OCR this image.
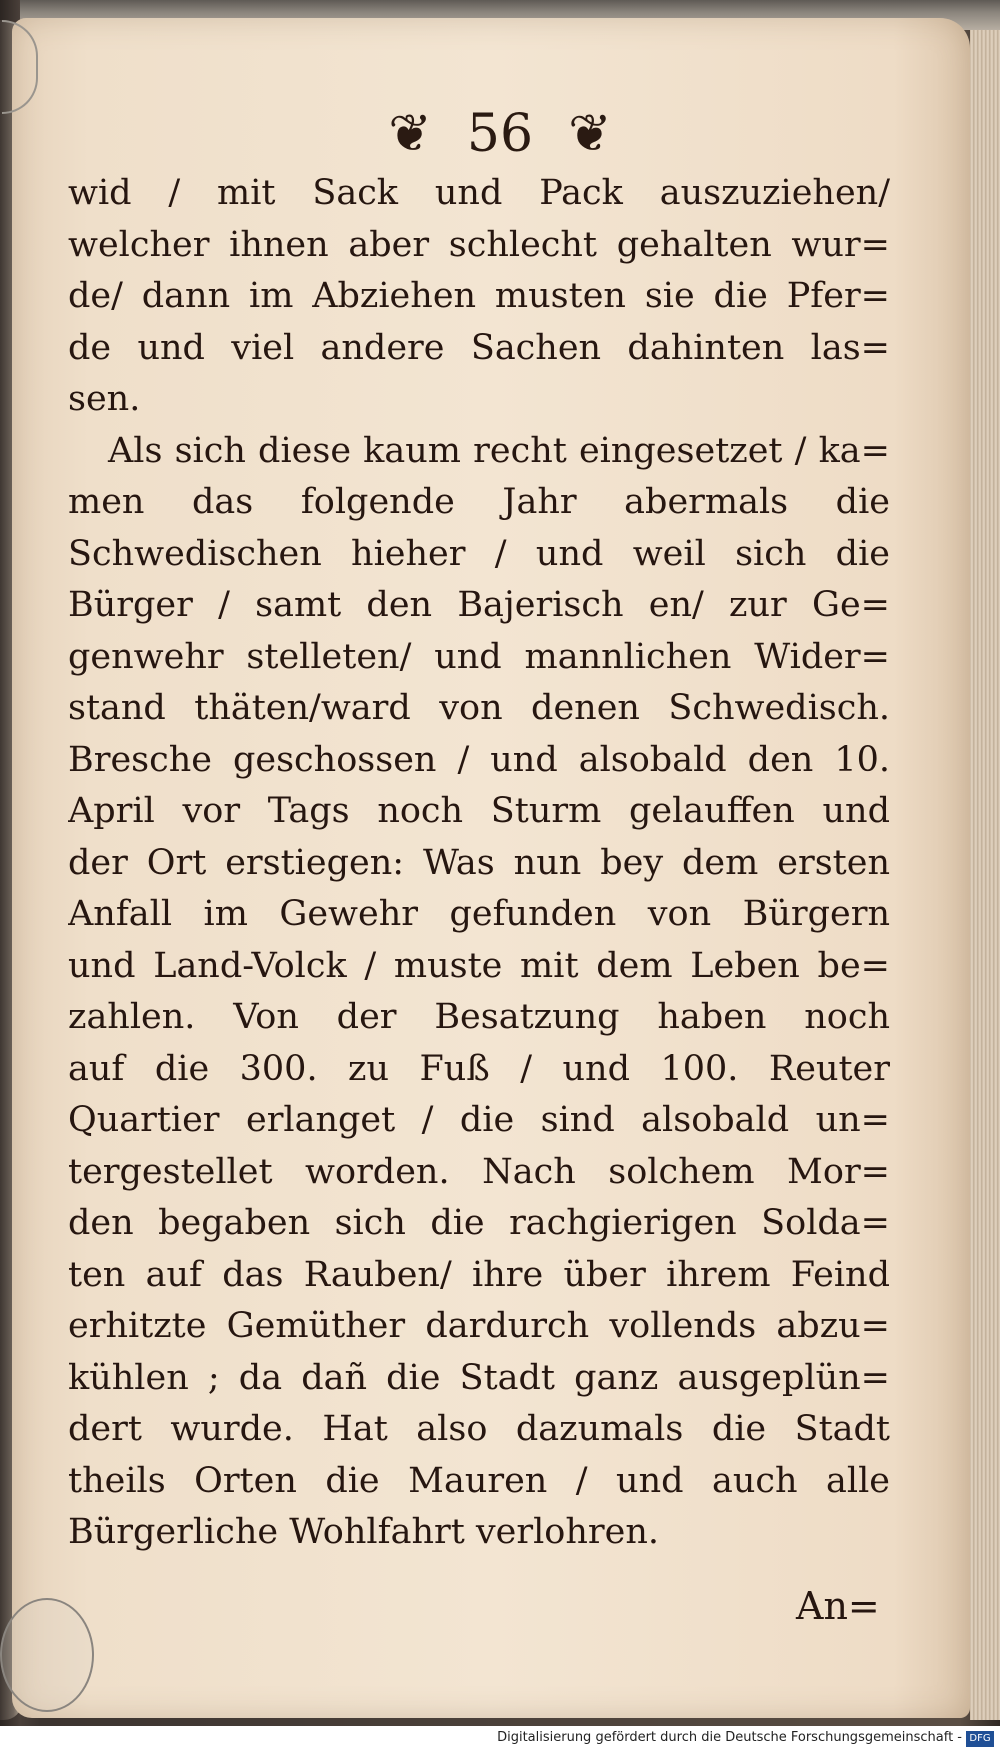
❦ 56 ❦
wid / mit Sack und Pack auszuziehen/
welcher ihnen aber schlecht gehalten wur=
de/ dann im Abziehen musten sie die Pfer=
de und viel andere Sachen dahinten las=
sen.
Als sich diese kaum recht eingesetzet / ka=
men das folgende Jahr abermals die
Schwedischen hieher / und weil sich die
Bürger / samt den Bajerisch en/ zur Ge=
genwehr stelleten/ und mannlichen Wider=
stand thäten/ward von denen Schwedisch.
Bresche geschossen / und alsobald den 10.
April vor Tags noch Sturm gelauffen und
der Ort erstiegen: Was nun bey dem ersten
Anfall im Gewehr gefunden von Bürgern
und Land-Volck / muste mit dem Leben be=
zahlen. Von der Besatzung haben noch
auf die 300. zu Fuß / und 100. Reuter
Quartier erlanget / die sind alsobald un=
tergestellet worden. Nach solchem Mor=
den begaben sich die rachgierigen Solda=
ten auf das Rauben/ ihre über ihrem Feind
erhitzte Gemüther dardurch vollends abzu=
kühlen ; da dañ die Stadt ganz ausgeplün=
dert wurde. Hat also dazumals die Stadt
theils Orten die Mauren / und auch alle
Bürgerliche Wohlfahrt verlohren.
An=
Digitalisierung gefördert durch die Deutsche Forschungsgemeinschaft - DFG
